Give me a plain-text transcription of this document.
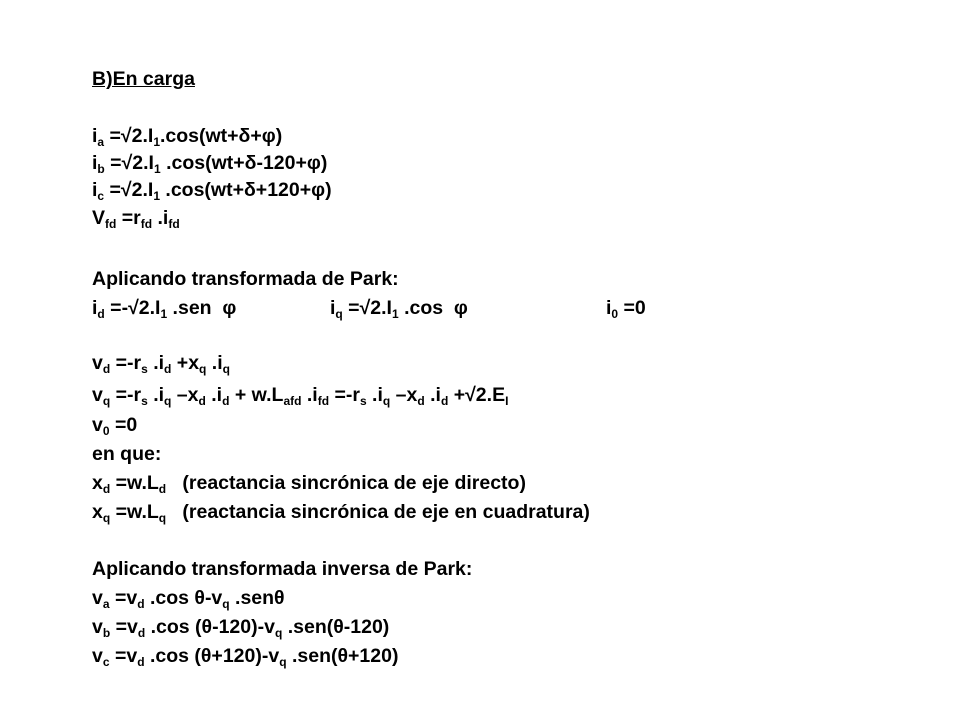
B)En carga
$i_a =√2.I_1.\cos(wt+\delta+\varphi)$
$i_b =√2.I_1$ .cos(wt+δ-120+φ)
$i_c =√2.I_1$ .cos(wt+δ+120+φ)
$V_{fd} =r_{fd}$ $.i_{fd}$
Aplicando transformada de Park:

$i_d =-√2.I_1$ .sen  φ

	$i_q =√2.I_1$ .cos  φ

	$i_0 =0$

$v_d =-r_s$ $.i_d +x_q$ $.i_q$
$v_q =-r_s$ $.i_q$ $-x_d$ $.i_d + w.L_{afd}$ $.i_{fd} =-r_s$ $.i_q$ $-x_d$ $.i_d +√2.E_I$
$v_0 =0$
en que:
$x_d =w.L_d$   (reactancia sincrónica de eje directo)
$x_q =w.L_q$   (reactancia sincrónica de eje en cuadratura)
Aplicando transformada inversa de Park:
$v_a =v_d$ .cos $\theta-v_q$ .senθ
$v_b =v_d$ .cos $(\theta-120)-v_q$ .sen(θ-120)
$v_c =v_d$ .cos $(\theta+120)-v_q$ .sen(θ+120)
